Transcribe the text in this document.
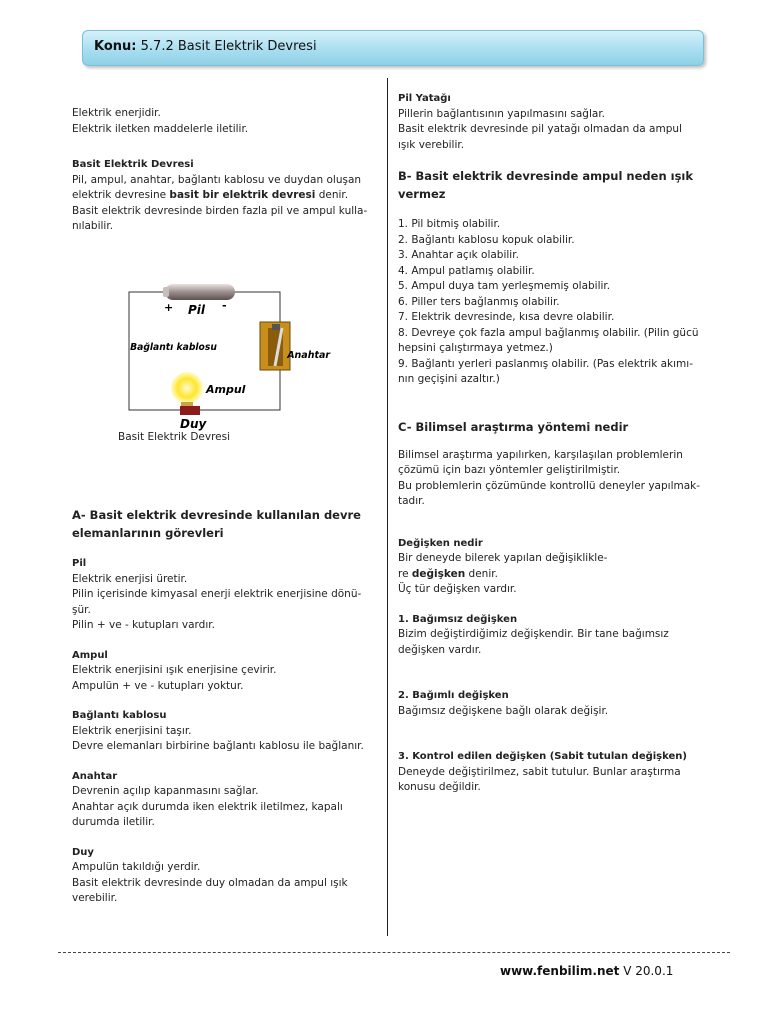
Konu: 5.7.2 Basit Elektrik Devresi

Elektrik enerjidir.

Elektrik iletken maddelerle iletilir.

Basit Elektrik Devresi

Pil, ampul, anahtar, bağlantı kablosu ve duydan oluşan

elektrik devresine basit bir elektrik devresi denir.

Basit elektrik devresinde birden fazla pil ve ampul kulla-

nılabilir.

+ Pil -
Bağlantı kablosu
Anahtar
Ampul
Duy
Basit Elektrik Devresi

A- Basit elektrik devresinde kullanılan devre

elemanlarının görevleri

Pil

Elektrik enerjisi üretir.

Pilin içerisinde kimyasal enerji elektrik enerjisine dönü-

şür.

Pilin + ve - kutupları vardır.

Ampul

Elektrik enerjisini ışık enerjisine çevirir.

Ampulün + ve - kutupları yoktur.

Bağlantı kablosu

Elektrik enerjisini taşır.

Devre elemanları birbirine bağlantı kablosu ile bağlanır.

Anahtar

Devrenin açılıp kapanmasını sağlar.

Anahtar açık durumda iken elektrik iletilmez, kapalı

durumda iletilir.

Duy

Ampulün takıldığı yerdir.

Basit elektrik devresinde duy olmadan da ampul ışık

verebilir.

Pil Yatağı

Pillerin bağlantısının yapılmasını sağlar.

Basit elektrik devresinde pil yatağı olmadan da ampul

ışık verebilir.

B- Basit elektrik devresinde ampul neden ışık

vermez

1. Pil bitmiş olabilir.
2. Bağlantı kablosu kopuk olabilir.
3. Anahtar açık olabilir.
4. Ampul patlamış olabilir.
5. Ampul duya tam yerleşmemiş olabilir.
6. Piller ters bağlanmış olabilir.
7. Elektrik devresinde, kısa devre olabilir.
8. Devreye çok fazla ampul bağlanmış olabilir. (Pilin gücü
hepsini çalıştırmaya yetmez.)
9. Bağlantı yerleri paslanmış olabilir. (Pas elektrik akımı-
nın geçişini azaltır.)

C- Bilimsel araştırma yöntemi nedir

Bilimsel araştırma yapılırken, karşılaşılan problemlerin

çözümü için bazı yöntemler geliştirilmiştir.

Bu problemlerin çözümünde kontrollü deneyler yapılmak-

tadır.

Değişken nedir

Bir deneyde bilerek yapılan değişiklikle-

re değişken denir.

Üç tür değişken vardır.

1. Bağımsız değişken

Bizim değiştirdiğimiz değişkendir. Bir tane bağımsız

değişken vardır.

2. Bağımlı değişken

Bağımsız değişkene bağlı olarak değişir.

3. Kontrol edilen değişken (Sabit tutulan değişken)

Deneyde değiştirilmez, sabit tutulur. Bunlar araştırma

konusu değildir.

www.fenbilim.net V 20.0.1
